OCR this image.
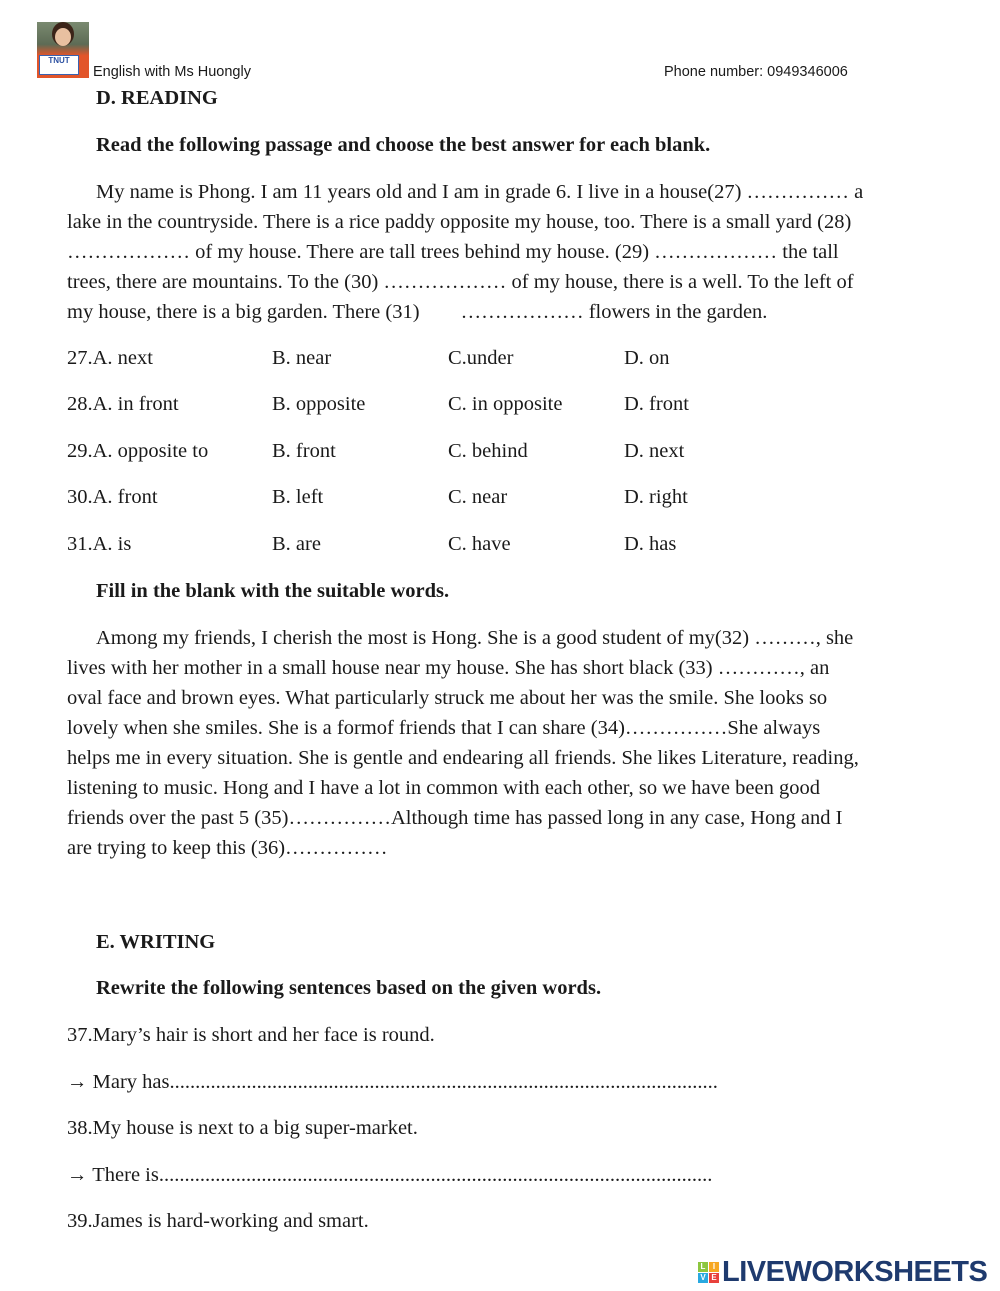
TNUT
English with Ms Huongly	Phone number: 0949346006
D. READING
Read the following passage and choose the best answer for each blank.
My name is Phong. I am 11 years old and I am in grade 6. I live in a house(27) …………… a
lake in the countryside. There is a rice paddy opposite my house, too. There is a small yard (28)
……………… of my house. There are tall trees behind my house. (29) ……………… the tall
trees, there are mountains. To the (30) ……………… of my house, there is a well. To the left of
my house, there is a big garden. There (31)        ……………… flowers in the garden.
27.A. next	B. near	C.under	D. on
28.A. in front	B. opposite	C. in opposite	D. front
29.A. opposite to	B. front	C. behind	D. next
30.A. front	B. left	C. near	D. right
31.A. is	B. are	C. have	D. has
Fill in the blank with the suitable words.
Among my friends, I cherish the most is Hong. She is a good student of my(32) ………, she
lives with her mother in a small house near my house. She has short black (33) …………, an
oval face and brown eyes. What particularly struck me about her was the smile. She looks so
lovely when she smiles. She is a formof friends that I can share (34)……………She always
helps me in every situation. She is gentle and endearing all friends. She likes Literature, reading,
listening to music. Hong and I have a lot in common with each other, so we have been good
friends over the past 5 (35)……………Although time has passed long in any case, Hong and I
are trying to keep this (36)……………
E. WRITING
Rewrite the following sentences based on the given words.
37.Mary’s hair is short and her face is round.
→ Mary has...........................................................................................................
38.My house is next to a big super-market.
→ There is............................................................................................................
39.James is hard-working and smart.
L I
V E LIVEWORKSHEETS
